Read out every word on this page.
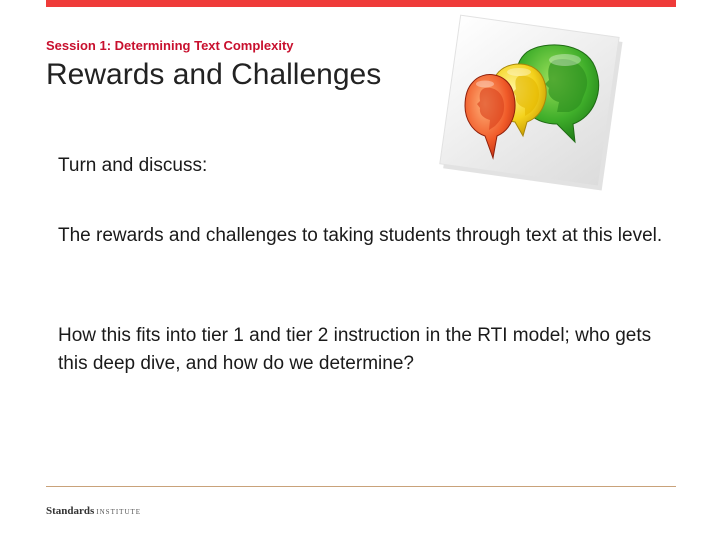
Session 1: Determining Text Complexity
Rewards and Challenges
Turn and discuss:
The rewards and challenges to taking students through text at this level.
How this fits into tier 1 and tier 2 instruction in the RTI model; who gets this deep dive, and how do we determine?
Standards INSTITUTE
